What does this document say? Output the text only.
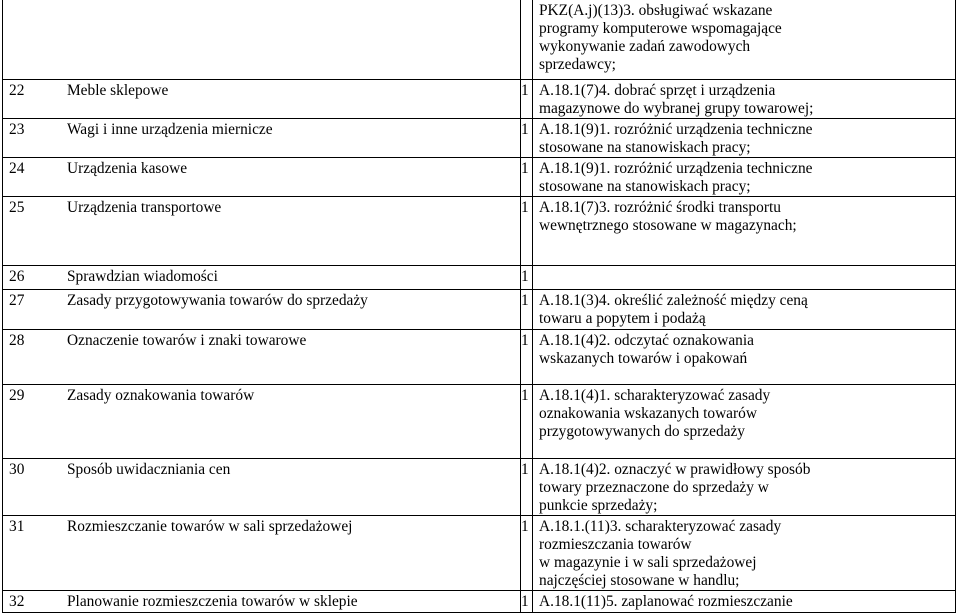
		PKZ(A.j)(13)3. obsługiwać wskazane
programy komputerowe wspomagające
wykonywanie zadań zawodowych
sprzedawcy;
22 Meble sklepowe	1	A.18.1(7)4. dobrać sprzęt i urządzenia
magazynowe do wybranej grupy towarowej;
23 Wagi i inne urządzenia miernicze	1	A.18.1(9)1. rozróżnić urządzenia techniczne
stosowane na stanowiskach pracy;
24 Urządzenia kasowe	1	A.18.1(9)1. rozróżnić urządzenia techniczne
stosowane na stanowiskach pracy;
25 Urządzenia transportowe	1	A.18.1(7)3. rozróżnić środki transportu
wewnętrznego stosowane w magazynach;
26 Sprawdzian wiadomości	1	
27 Zasady przygotowywania towarów do sprzedaży	1	A.18.1(3)4. określić zależność między ceną
towaru a popytem i podażą
28 Oznaczenie towarów i znaki towarowe	1	A.18.1(4)2. odczytać oznakowania
wskazanych towarów i opakowań
29 Zasady oznakowania towarów	1	A.18.1(4)1. scharakteryzować zasady
oznakowania wskazanych towarów
przygotowywanych do sprzedaży
30 Sposób uwidaczniania cen	1	A.18.1(4)2. oznaczyć w prawidłowy sposób
towary przeznaczone do sprzedaży w
punkcie sprzedaży;
31 Rozmieszczanie towarów w sali sprzedażowej	1	A.18.1.(11)3. scharakteryzować zasady
rozmieszczania towarów
w magazynie i w sali sprzedażowej
najczęściej stosowane w handlu;
32 Planowanie rozmieszczenia towarów w sklepie	1	A.18.1(11)5. zaplanować rozmieszczanie
